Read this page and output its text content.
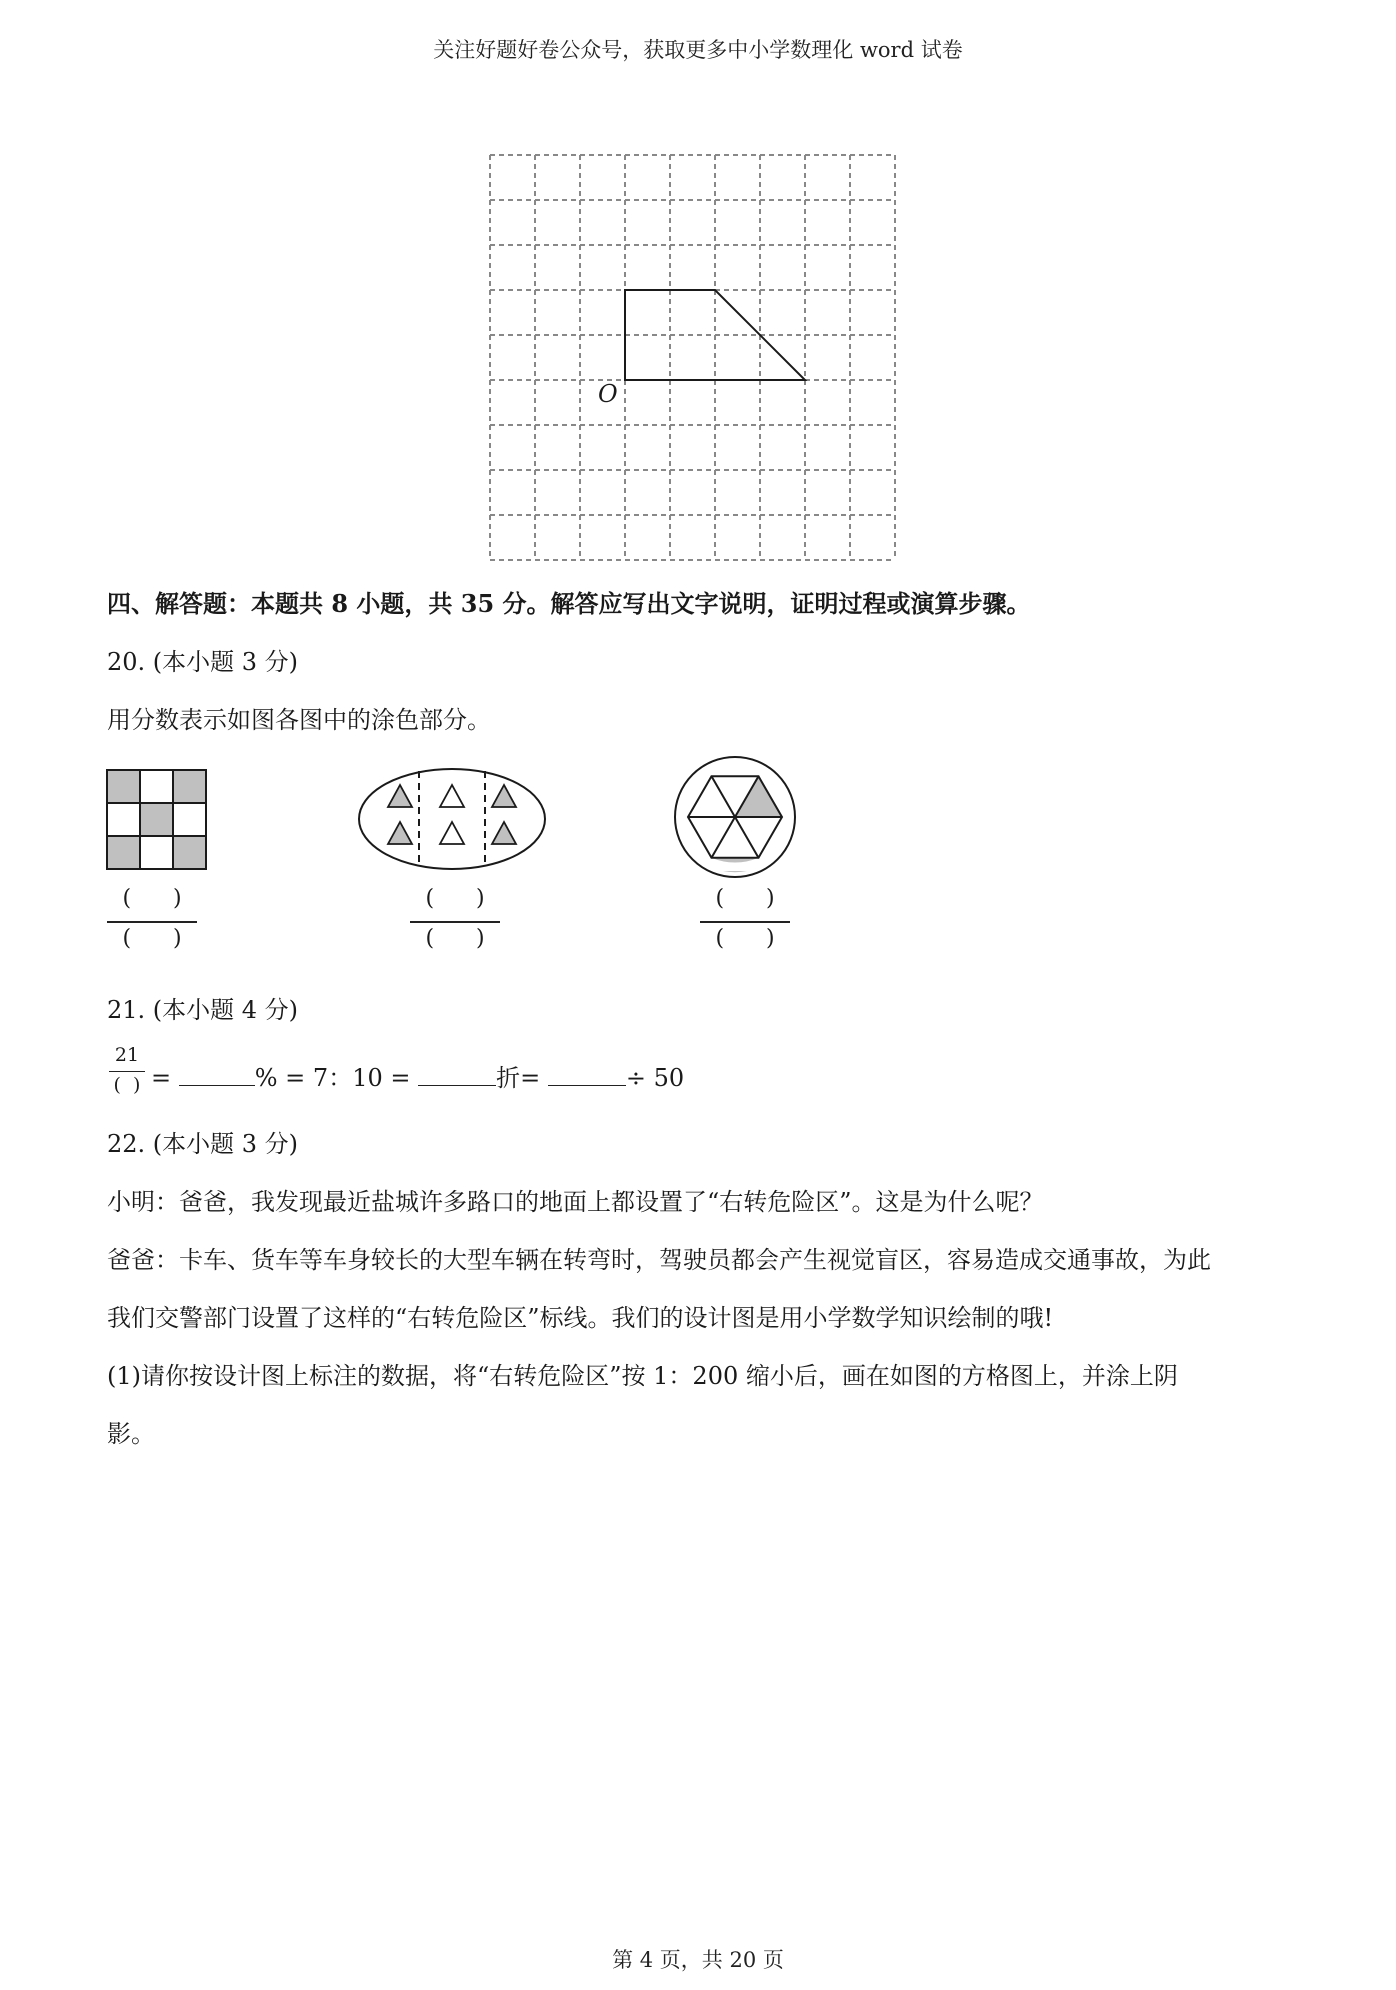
关注好题好卷公众号，获取更多中小学数理化 word 试卷
O
四、解答题：本题共 8 小题，共 35 分。解答应写出文字说明，证明过程或演算步骤。
20. (本小题 3 分)
用分数表示如图各图中的涂色部分。
(      )
(      )
(      )
(      )
(      )
(      )
21. (本小题 4 分)
21
(  ) =	% = 7：10 =	折=	÷ 50
22. (本小题 3 分)
小明：爸爸，我发现最近盐城许多路口的地面上都设置了“右转危险区”。这是为什么呢？
爸爸：卡车、货车等车身较长的大型车辆在转弯时，驾驶员都会产生视觉盲区，容易造成交通事故，为此
我们交警部门设置了这样的“右转危险区”标线。我们的设计图是用小学数学知识绘制的哦!
(1)请你按设计图上标注的数据，将“右转危险区”按 1：200 缩小后，画在如图的方格图上，并涂上阴
影。
第 4 页，共 20 页
